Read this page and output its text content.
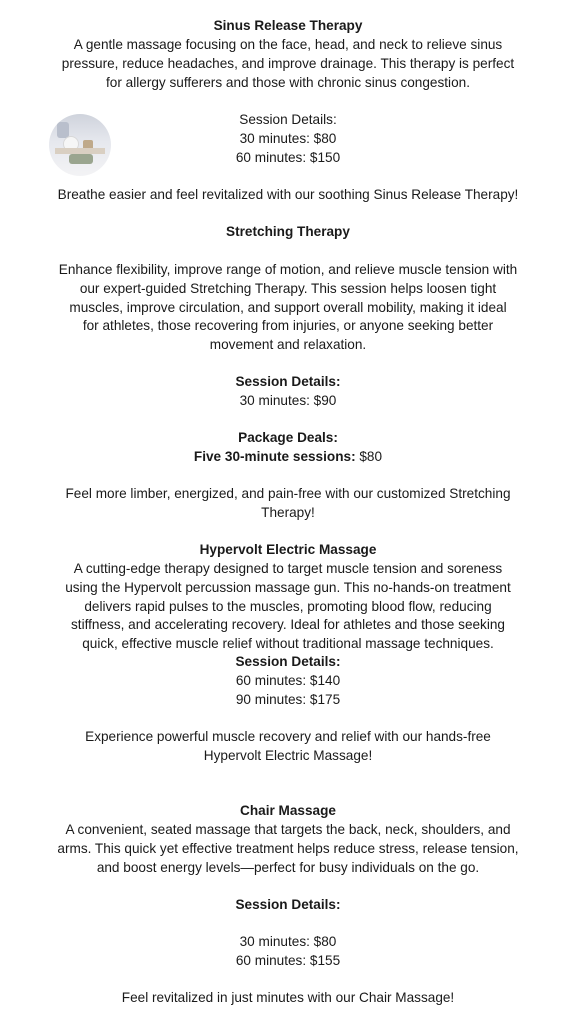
Sinus Release Therapy

A gentle massage focusing on the face, head, and neck to relieve sinus
pressure, reduce headaches, and improve drainage. This therapy is perfect
for allergy sufferers and those with chronic sinus congestion.

Session Details:
30 minutes: $80
60 minutes: $150

Breathe easier and feel revitalized with our soothing Sinus Release Therapy!

Stretching Therapy

Enhance flexibility, improve range of motion, and relieve muscle tension with
our expert-guided Stretching Therapy. This session helps loosen tight
muscles, improve circulation, and support overall mobility, making it ideal
for athletes, those recovering from injuries, or anyone seeking better
movement and relaxation.

Session Details:
30 minutes: $90

Package Deals:
Five 30-minute sessions: $80

Feel more limber, energized, and pain-free with our customized Stretching
Therapy!

Hypervolt Electric Massage

A cutting-edge therapy designed to target muscle tension and soreness
using the Hypervolt percussion massage gun. This no-hands-on treatment
delivers rapid pulses to the muscles, promoting blood flow, reducing
stiffness, and accelerating recovery. Ideal for athletes and those seeking
quick, effective muscle relief without traditional massage techniques.

Session Details:
60 minutes: $140
90 minutes: $175

Experience powerful muscle recovery and relief with our hands-free
Hypervolt Electric Massage!

Chair Massage

A convenient, seated massage that targets the back, neck, shoulders, and
arms. This quick yet effective treatment helps reduce stress, release tension,
and boost energy levels—perfect for busy individuals on the go.

Session Details:

30 minutes: $80
60 minutes: $155

Feel revitalized in just minutes with our Chair Massage!
